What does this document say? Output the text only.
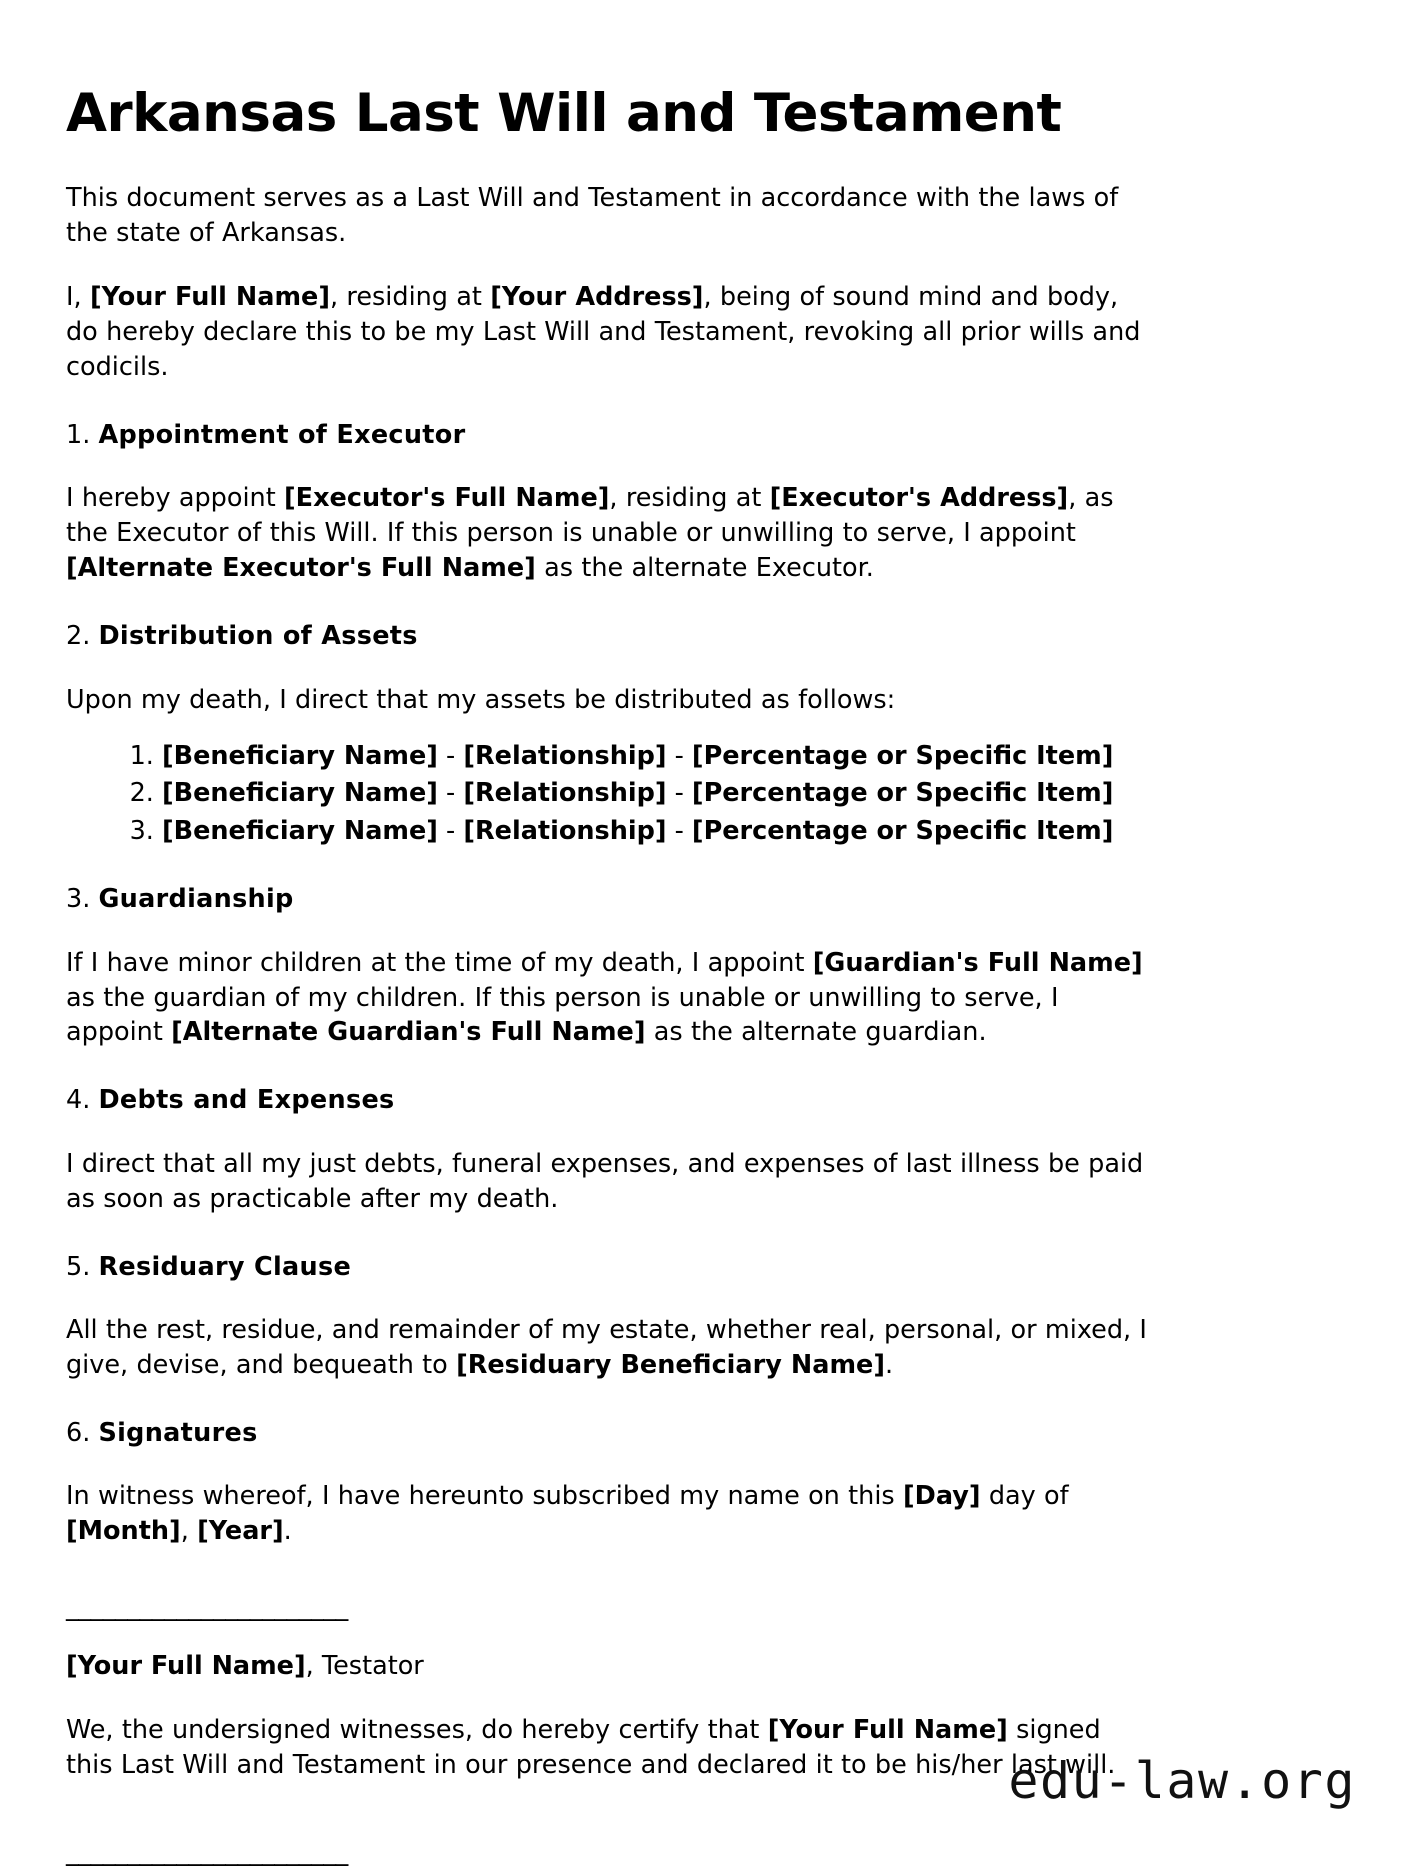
Arkansas Last Will and Testament

This document serves as a Last Will and Testament in accordance with the laws of the state of Arkansas.

I, [Your Full Name], residing at [Your Address], being of sound mind and body, do hereby declare this to be my Last Will and Testament, revoking all prior wills and codicils.

1. Appointment of Executor

I hereby appoint [Executor's Full Name], residing at [Executor's Address], as the Executor of this Will. If this person is unable or unwilling to serve, I appoint [Alternate Executor's Full Name] as the alternate Executor.

2. Distribution of Assets

Upon my death, I direct that my assets be distributed as follows:

1. [Beneficiary Name] - [Relationship] - [Percentage or Specific Item]
2. [Beneficiary Name] - [Relationship] - [Percentage or Specific Item]
3. [Beneficiary Name] - [Relationship] - [Percentage or Specific Item]
3. Guardianship

If I have minor children at the time of my death, I appoint [Guardian's Full Name] as the guardian of my children. If this person is unable or unwilling to serve, I appoint [Alternate Guardian's Full Name] as the alternate guardian.

4. Debts and Expenses

I direct that all my just debts, funeral expenses, and expenses of last illness be paid as soon as practicable after my death.

5. Residuary Clause

All the rest, residue, and remainder of my estate, whether real, personal, or mixed, I give, devise, and bequeath to [Residuary Beneficiary Name].

6. Signatures

In witness whereof, I have hereunto subscribed my name on this [Day] day of [Month], [Year].

_______________________

[Your Full Name], Testator

We, the undersigned witnesses, do hereby certify that [Your Full Name] signed this Last Will and Testament in our presence and declared it to be his/her last will.

_______________________
edu-law.org
